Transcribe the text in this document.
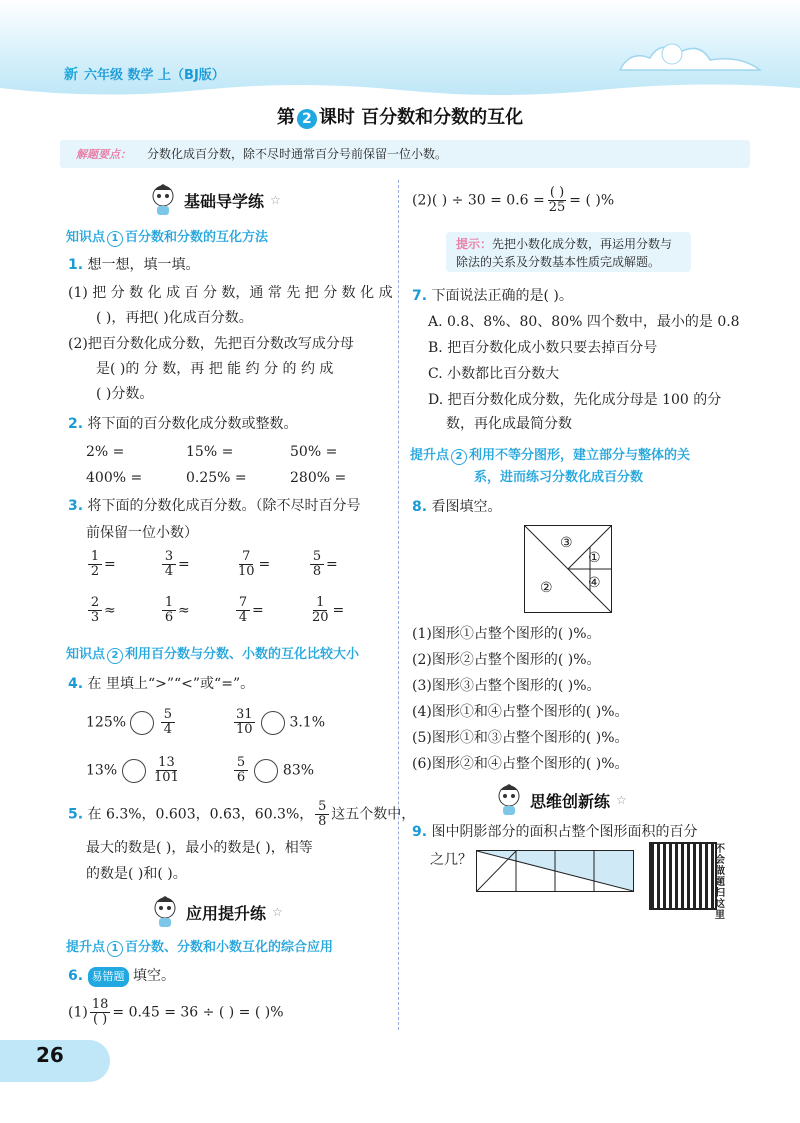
新 六年级 数学 上（BJ版）
第 2 课时 百分数和分数的互化
解题要点： 分数化成百分数，除不尽时通常百分号前保留一位小数。
基础导学练 ☆
知识点 1 百分数和分数的互化方法
1. 想一想，填一填。
(1) 把 分 数 化 成 百 分 数，通 常 先 把 分 数 化 成
( )，再把( )化成百分数。
(2)把百分数化成分数，先把百分数改写成分母
是( )的 分 数，再 把 能 约 分 的 约 成
( )分数。
2. 将下面的百分数化成分数或整数。
2% =	15% =	50% =
400% =	0.25% =	280% =
3. 将下面的分数化成百分数。（除不尽时百分号
前保留一位小数）
$\frac{1}{2}$ =	$\frac{3}{4}$ =	$\frac{7}{10}$ =	$\frac{5}{8}$ =
$\frac{2}{3}$ ≈	$\frac{1}{6}$ ≈	$\frac{7}{4}$ =	$\frac{1}{20}$ =
知识点 2 利用百分数与分数、小数的互化比较大小
4. 在 里填上“>”“<”或“=”。
125%	$\frac{5}{4}$	$\frac{31}{10} 3.1\%$
13%	$\frac{13}{101}$	$\frac{5}{6} 83\%$
5. 在 6.3%，0.603，0.6̇3̇，60.3%， $\frac{5}{8}$ 这五个数中，
最大的数是( )，最小的数是( )，相等
的数是( )和( )。
应用提升练 ☆
提升点 1 百分数、分数和小数互化的综合应用
6. 易错题 填空。
$(1) \frac{18}{( )} = 0.45 = 36$ ÷ ( ) = ( )%
(2)( ) ÷ $30 = 0.6 = \frac{( )}{25}$ = ( )%
提示：先把小数化成分数，再运用分数与
除法的关系及分数基本性质完成解题。
7. 下面说法正确的是( )。
A. 0.8、8%、80、80% 四个数中，最小的是 0.8
B. 把百分数化成小数只要去掉百分号
C. 小数都比百分数大
D. 把百分数化成分数，先化成分母是 100 的分
数，再化成最简分数
提升点 2 利用不等分图形，建立部分与整体的关
系，进而练习分数化成百分数
8. 看图填空。
③
①
②	④
(1)图形①占整个图形的( )%。
(2)图形②占整个图形的( )%。
(3)图形③占整个图形的( )%。
(4)图形①和④占整个图形的( )%。
(5)图形①和③占整个图形的( )%。
(6)图形②和④占整个图形的( )%。
思维创新练 ☆
9. 图中阴影部分的面积占整个图形面积的百分
之几？
不会做题扫这里
26
